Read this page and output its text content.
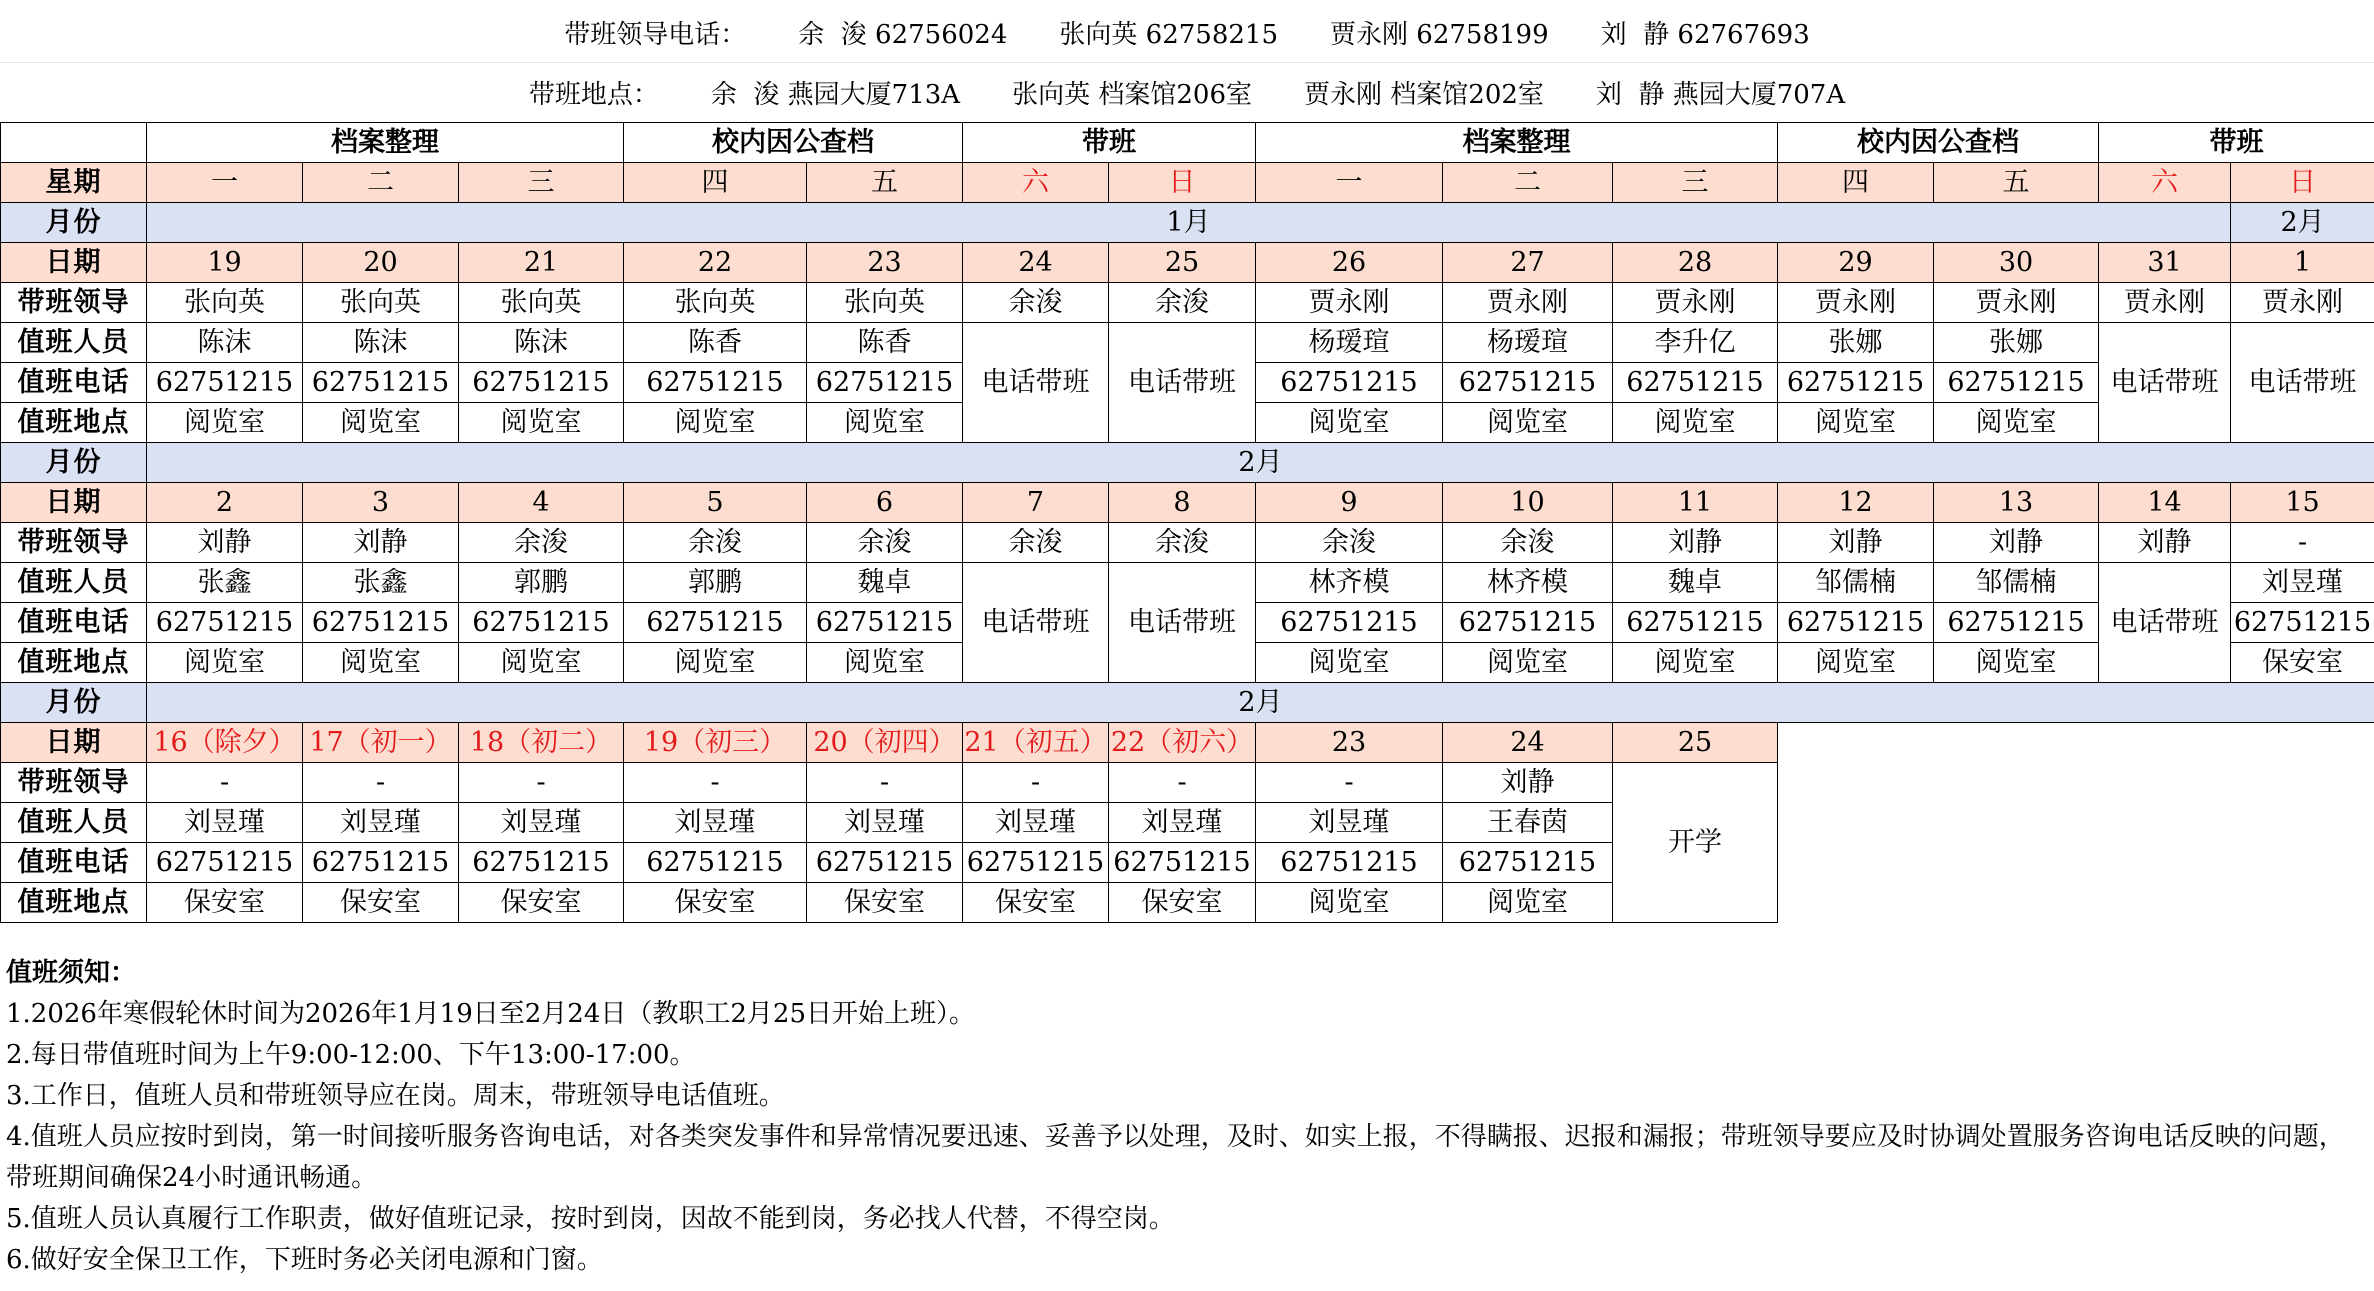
带班领导电话： 余  浚 62756024 张向英 62758215 贾永刚 62758199 刘  静 62767693
带班地点： 余  浚 燕园大厦713A 张向英 档案馆206室 贾永刚 档案馆202室 刘  静 燕园大厦707A
	档案整理			校内因公查档		带班		档案整理			校内因公查档		带班	
星期	一	二	三	四	五	六	日	一	二	三	四	五	六	日
月份	1月													2月
日期	19	20	21	22	23	24	25	26	27	28	29	30	31	1
带班领导	张向英	张向英	张向英	张向英	张向英	余浚	余浚	贾永刚	贾永刚	贾永刚	贾永刚	贾永刚	贾永刚	贾永刚
值班人员	陈沫	陈沫	陈沫	陈香	陈香	电话带班	电话带班	杨瑷瑄	杨瑷瑄	李升亿	张娜	张娜	电话带班	电话带班
值班电话	62751215	62751215	62751215	62751215	62751215			62751215	62751215	62751215	62751215	62751215		
值班地点	阅览室	阅览室	阅览室	阅览室	阅览室			阅览室	阅览室	阅览室	阅览室	阅览室		
月份	2月													
日期	2	3	4	5	6	7	8	9	10	11	12	13	14	15
带班领导	刘静	刘静	余浚	余浚	余浚	余浚	余浚	余浚	余浚	刘静	刘静	刘静	刘静	-
值班人员	张鑫	张鑫	郭鹏	郭鹏	魏卓	电话带班	电话带班	林齐模	林齐模	魏卓	邹儒楠	邹儒楠	电话带班	刘昱瑾
值班电话	62751215	62751215	62751215	62751215	62751215			62751215	62751215	62751215	62751215	62751215		62751215
值班地点	阅览室	阅览室	阅览室	阅览室	阅览室			阅览室	阅览室	阅览室	阅览室	阅览室		保安室
月份	2月													
日期	16（除夕）	17（初一）	18（初二）	19（初三）	20（初四）	21（初五）	22（初六）	23	24	25				
带班领导	-	-	-	-	-	-	-	-	刘静	开学				
值班人员	刘昱瑾	刘昱瑾	刘昱瑾	刘昱瑾	刘昱瑾	刘昱瑾	刘昱瑾	刘昱瑾	王春茵					
值班电话	62751215	62751215	62751215	62751215	62751215	62751215	62751215	62751215	62751215					
值班地点	保安室	保安室	保安室	保安室	保安室	保安室	保安室	阅览室	阅览室					
值班须知：
1.2026年寒假轮休时间为2026年1月19日至2月24日（教职工2月25日开始上班）。
2.每日带值班时间为上午9:00-12:00、下午13:00-17:00。
3.工作日，值班人员和带班领导应在岗。周末，带班领导电话值班。
4.值班人员应按时到岗，第一时间接听服务咨询电话，对各类突发事件和异常情况要迅速、妥善予以处理，及时、如实上报，不得瞒报、迟报和漏报；带班领导要应及时协调处置服务咨询电话反映的问题，带班期间确保24小时通讯畅通。
5.值班人员认真履行工作职责，做好值班记录，按时到岗，因故不能到岗，务必找人代替，不得空岗。
6.做好安全保卫工作，下班时务必关闭电源和门窗。
